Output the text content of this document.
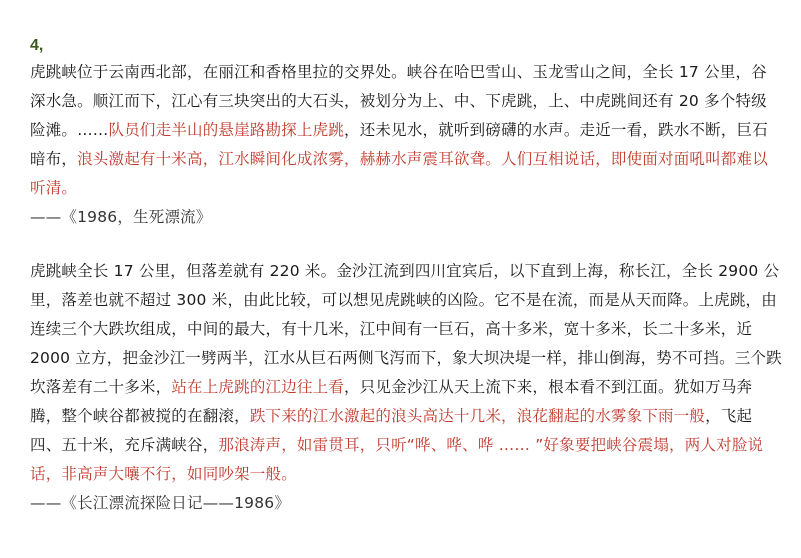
4,
虎跳峡位于云南西北部，在丽江和香格里拉的交界处。峡谷在哈巴雪山、玉龙雪山之间，全长 17 公里，谷深水急。顺江而下，江心有三块突出的大石头，被划分为上、中、下虎跳，上、中虎跳间还有 20 多个特级险滩。……队员们走半山的悬崖路勘探上虎跳，还未见水，就听到磅礴的水声。走近一看，跌水不断，巨石暗布，浪头激起有十米高，江水瞬间化成浓雾，赫赫水声震耳欲聋。人们互相说话，即使面对面吼叫都难以听清。
——《1986，生死漂流》
虎跳峡全长 17 公里，但落差就有 220 米。金沙江流到四川宜宾后，以下直到上海，称长江，全长 2900 公里，落差也就不超过 300 米，由此比较，可以想见虎跳峡的凶险。它不是在流，而是从天而降。上虎跳，由连续三个大跌坎组成，中间的最大，有十几米，江中间有一巨石，高十多米，宽十多米，长二十多米，近 2000 立方，把金沙江一劈两半，江水从巨石两侧飞泻而下，象大坝决堤一样，排山倒海，势不可挡。三个跌坎落差有二十多米，站在上虎跳的江边往上看，只见金沙江从天上流下来，根本看不到江面。犹如万马奔腾，整个峡谷都被搅的在翻滚，跌下来的江水激起的浪头高达十几米，浪花翻起的水雾象下雨一般，飞起四、五十米，充斥满峡谷，那浪涛声，如雷贯耳，只听“哗、哗、哗 …… ”好象要把峡谷震塌，两人对脸说话，非高声大嚷不行，如同吵架一般。
——《长江漂流探险日记——1986》
